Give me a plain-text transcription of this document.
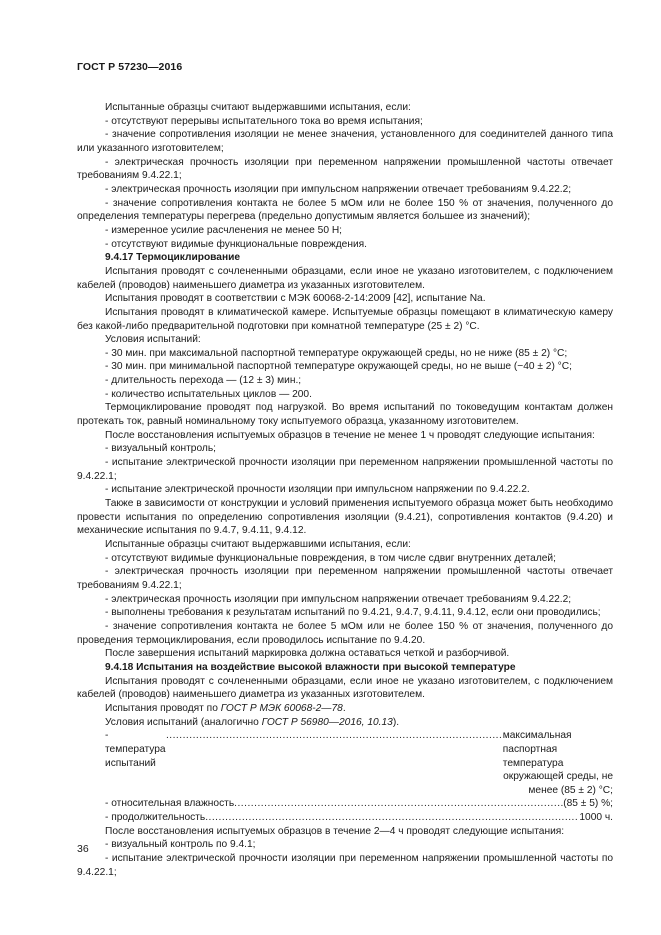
ГОСТ Р 57230—2016

Испытанные образцы считают выдержавшими испытания, если:

- отсутствуют перерывы испытательного тока во время испытания;

- значение сопротивления изоляции не менее значения, установленного для соединителей данного типа или указанного изготовителем;

- электрическая прочность изоляции при переменном напряжении промышленной частоты отвечает требованиям 9.4.22.1;

- электрическая прочность изоляции при импульсном напряжении отвечает требованиям 9.4.22.2;

- значение сопротивления контакта не более 5 мОм или не более 150 % от значения, полученного до определения температуры перегрева (предельно допустимым является большее из значений);

- измеренное усилие расчленения не менее 50 Н;

- отсутствуют видимые функциональные повреждения.

9.4.17 Термоциклирование

Испытания проводят с сочлененными образцами, если иное не указано изготовителем, с подключением кабелей (проводов) наименьшего диаметра из указанных изготовителем.

Испытания проводят в соответствии с МЭК 60068-2-14:2009 [42], испытание Na.

Испытания проводят в климатической камере. Испытуемые образцы помещают в климатическую камеру без какой-либо предварительной подготовки при комнатной температуре (25 ± 2) °C.

Условия испытаний:

- 30 мин. при максимальной паспортной температуре окружающей среды, но не ниже (85 ± 2) °C;

- 30 мин. при минимальной паспортной температуре окружающей среды, но не выше (−40 ± 2) °C;

- длительность перехода — (12 ± 3) мин.;

- количество испытательных циклов — 200.

Термоциклирование проводят под нагрузкой. Во время испытаний по токоведущим контактам должен протекать ток, равный номинальному току испытуемого образца, указанному изготовителем.

После восстановления испытуемых образцов в течение не менее 1 ч проводят следующие испытания:

- визуальный контроль;

- испытание электрической прочности изоляции при переменном напряжении промышленной частоты по 9.4.22.1;

- испытание электрической прочности изоляции при импульсном напряжении по 9.4.22.2.

Также в зависимости от конструкции и условий применения испытуемого образца может быть необходимо провести испытания по определению сопротивления изоляции (9.4.21), сопротивления контактов (9.4.20) и механические испытания по 9.4.7, 9.4.11, 9.4.12.

Испытанные образцы считают выдержавшими испытания, если:

- отсутствуют видимые функциональные повреждения, в том числе сдвиг внутренних деталей;

- электрическая прочность изоляции при переменном напряжении промышленной частоты отвечает требованиям 9.4.22.1;

- электрическая прочность изоляции при импульсном напряжении отвечает требованиям 9.4.22.2;

- выполнены требования к результатам испытаний по 9.4.21, 9.4.7, 9.4.11, 9.4.12, если они проводились;

- значение сопротивления контакта не более 5 мОм или не более 150 % от значения, полученного до проведения термоциклирования, если проводилось испытание по 9.4.20.

После завершения испытаний маркировка должна оставаться четкой и разборчивой.

9.4.18 Испытания на воздействие высокой влажности при высокой температуре

Испытания проводят с сочлененными образцами, если иное не указано изготовителем, с подключением кабелей (проводов) наименьшего диаметра из указанных изготовителем.

Испытания проводят по ГОСТ Р МЭК 60068-2—78.

Условия испытаний (аналогично ГОСТ Р 56980—2016, 10.13).

- температура испытаний
.....
максимальная паспортная температура
окружающей среды, не менее (85 ± 2) °C;
- относительная влажность .....	(85 ± 5) %;
- продолжительность .....	1000 ч.

После восстановления испытуемых образцов в течение 2—4 ч проводят следующие испытания:

- визуальный контроль по 9.4.1;

- испытание электрической прочности изоляции при переменном напряжении промышленной частоты по 9.4.22.1;

36
